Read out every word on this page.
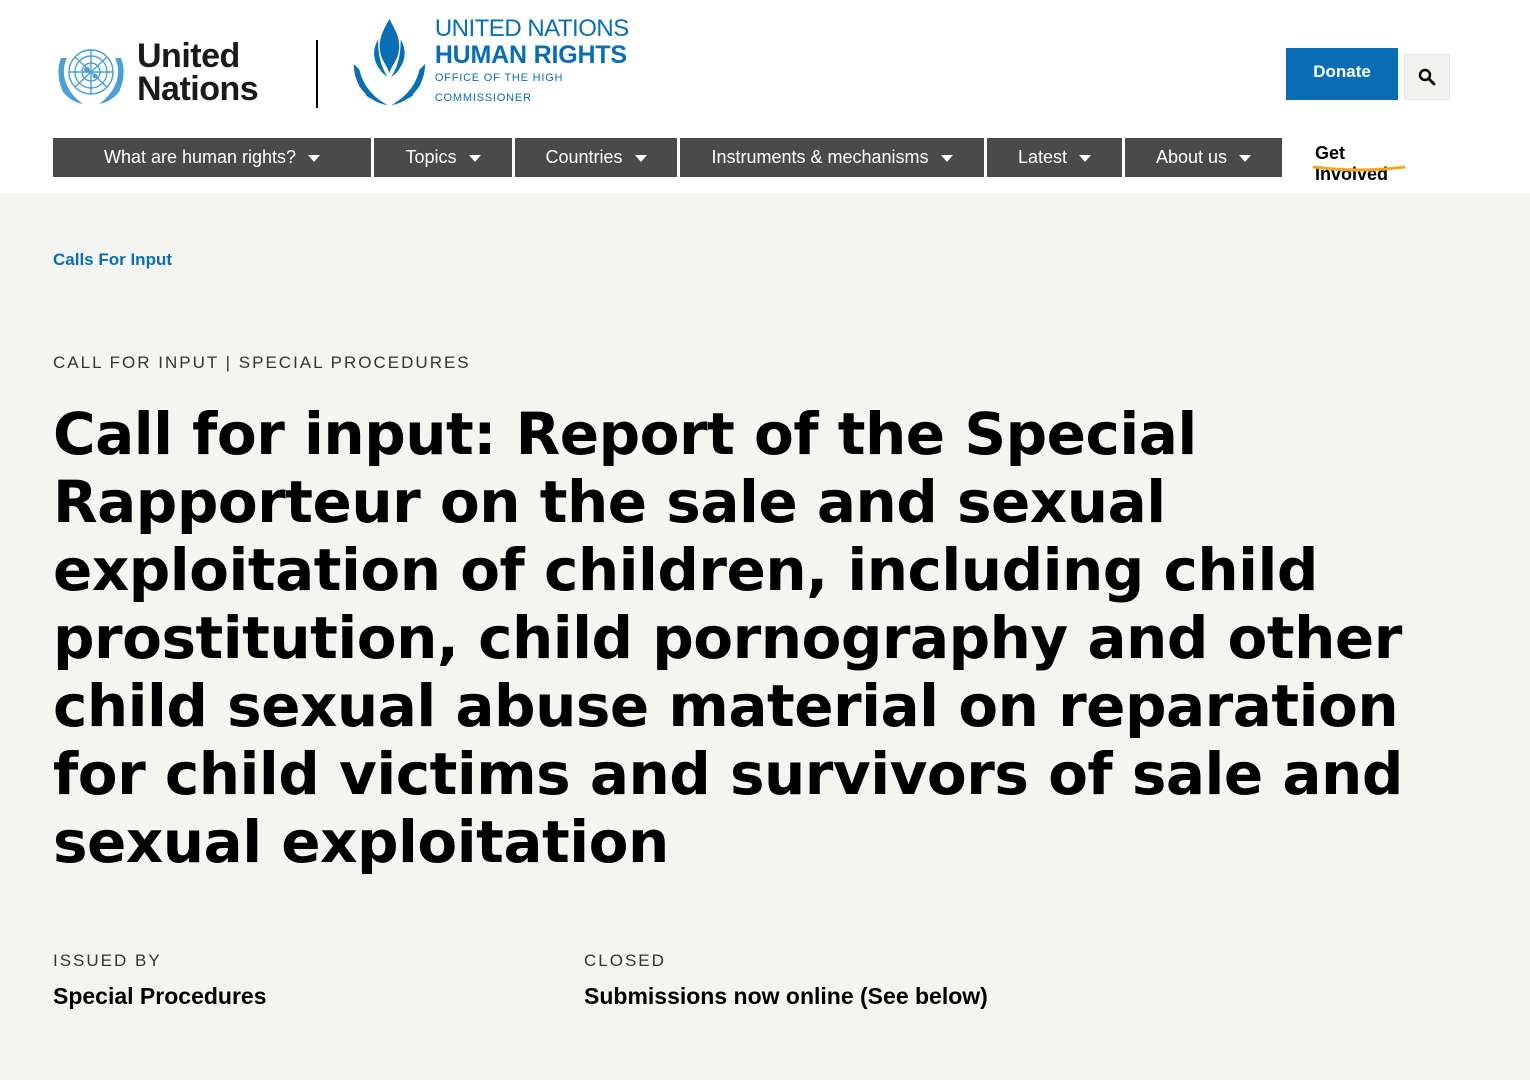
United
Nations
UNITED NATIONS
HUMAN RIGHTS
OFFICE OF THE HIGH COMMISSIONER
Donate
What are human rights?	Topics	Countries	Instruments & mechanisms	Latest	About us	Get Involved
Calls For Input
CALL FOR INPUT | SPECIAL PROCEDURES
Call for input: Report of the Special Rapporteur on the sale and sexual exploitation of children, including child prostitution, child pornography and other child sexual abuse material on reparation for child victims and survivors of sale and sexual exploitation
ISSUED BY
Special Procedures
CLOSED
Submissions now online (See below)
